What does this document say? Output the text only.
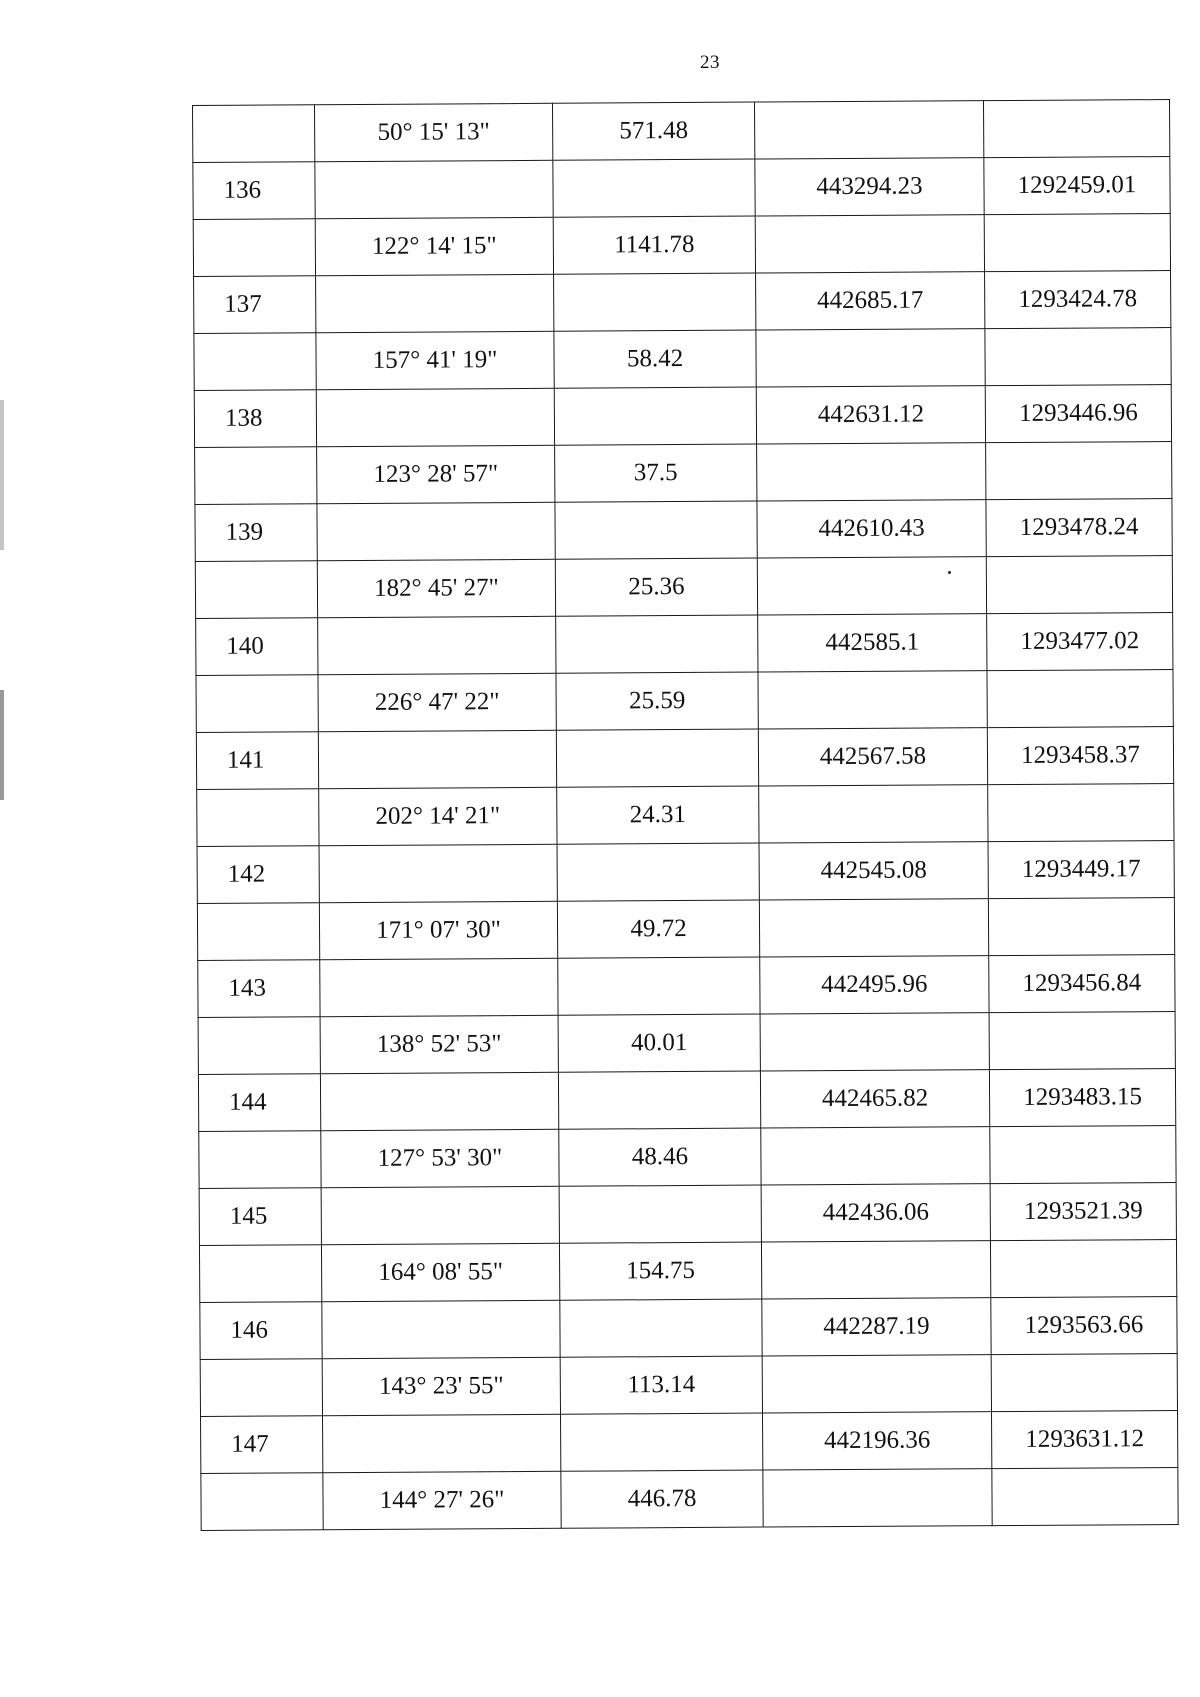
23
	50° 15' 13"	571.48		
136			443294.23	1292459.01
	122° 14' 15"	1141.78		
137			442685.17	1293424.78
	157° 41' 19"	58.42		
138			442631.12	1293446.96
	123° 28' 57"	37.5		
139			442610.43	1293478.24
	182° 45' 27"	25.36		
140			442585.1	1293477.02
	226° 47' 22"	25.59		
141			442567.58	1293458.37
	202° 14' 21"	24.31		
142			442545.08	1293449.17
	171° 07' 30"	49.72		
143			442495.96	1293456.84
	138° 52' 53"	40.01		
144			442465.82	1293483.15
	127° 53' 30"	48.46		
145			442436.06	1293521.39
	164° 08' 55"	154.75		
146			442287.19	1293563.66
	143° 23' 55"	113.14		
147			442196.36	1293631.12
	144° 27' 26"	446.78		
